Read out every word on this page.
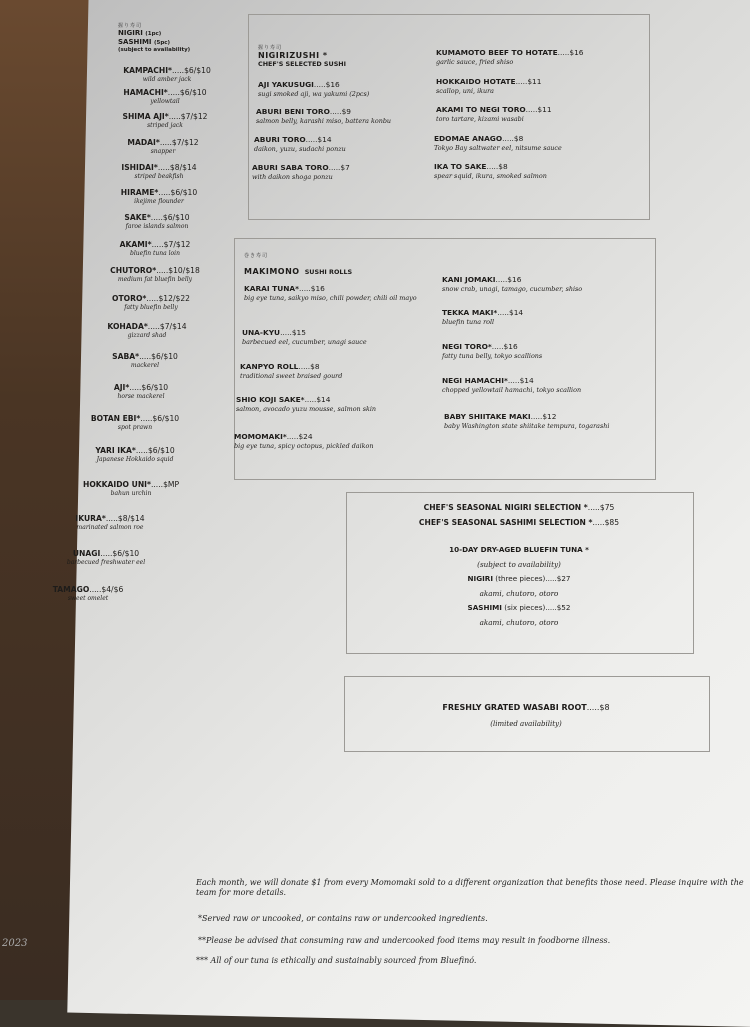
握り寿司
NIGIRI (1pc)
SASHIMI (5pc)
(subject to availability)
KAMPACHI*.....$6/$10
wild amber jack
HAMACHI*.....$6/$10
yellowtail
SHIMA AJI*.....$7/$12
striped jack
MADAI*.....$7/$12
snapper
ISHIDAI*.....$8/$14
striped beakfish
HIRAME*.....$6/$10
ikejime flounder
SAKE*.....$6/$10
faroe islands salmon
AKAMI*.....$7/$12
bluefin tuna loin
CHUTORO*.....$10/$18
medium fat bluefin belly
OTORO*.....$12/$22
fatty bluefin belly
KOHADA*.....$7/$14
gizzard shad
SABA*.....$6/$10
mackerel
AJI*.....$6/$10
horse mackerel
BOTAN EBI*.....$6/$10
spot prawn
YARI IKA*.....$6/$10
Japanese Hokkaido squid
HOKKAIDO UNI*.....$MP
bahun urchin
IKURA*.....$8/$14
marinated salmon roe
UNAGI.....$6/$10
barbecued freshwater eel
TAMAGO.....$4/$6
sweet omelet
握り寿司
NIGIRIZUSHI *
CHEF'S SELECTED SUSHI
AJI YAKUSUGI.....$16
sugi smoked aji, wa yakumi (2pcs)
ABURI BENI TORO.....$9
salmon belly, karashi miso, battera konbu
ABURI TORO.....$14
daikon, yuzu, sudachi ponzu
ABURI SABA TORO.....$7
with daikon shoga ponzu
KUMAMOTO BEEF TO HOTATE.....$16
garlic sauce, fried shiso
HOKKAIDO HOTATE.....$11
scallop, uni, ikura
AKAMI TO NEGI TORO.....$11
toro tartare, kizami wasabi
EDOMAE ANAGO.....$8
Tokyo Bay saltwater eel, nitsume sauce
IKA TO SAKE.....$8
spear squid, ikura, smoked salmon
巻き寿司
MAKIMONO SUSHI ROLLS
KARAI TUNA*.....$16
big eye tuna, saikyo miso, chili powder, chili oil mayo
UNA-KYU.....$15
barbecued eel, cucumber, unagi sauce
KANPYO ROLL.....$8
traditional sweet braised gourd
SHIO KOJI SAKE*.....$14
salmon, avocado yuzu mousse, salmon skin
MOMOMAKI*.....$24
big eye tuna, spicy octopus, pickled daikon
KANI JOMAKI.....$16
snow crab, unagi, tamago, cucumber, shiso
TEKKA MAKI*.....$14
bluefin tuna roll
NEGI TORO*.....$16
fatty tuna belly, tokyo scallions
NEGI HAMACHI*.....$14
chopped yellowtail hamachi, tokyo scallion
BABY SHIITAKE MAKI.....$12
baby Washington state shiitake tempura, togarashi
CHEF'S SEASONAL NIGIRI SELECTION *.....$75
CHEF'S SEASONAL SASHIMI SELECTION *.....$85
10-DAY DRY-AGED BLUEFIN TUNA *
(subject to availability)
NIGIRI (three pieces).....$27
akami, chutoro, otoro
SASHIMI (six pieces).....$52
akami, chutoro, otoro
FRESHLY GRATED WASABI ROOT.....$8
(limited availability)
Each month, we will donate $1 from every Momomaki sold to a different organization that benefits those need. Please inquire with the team for more details.
*Served raw or uncooked, or contains raw or undercooked ingredients.
**Please be advised that consuming raw and undercooked food items may result in foodborne illness.
*** All of our tuna is ethically and sustainably sourced from Bluefinó.
2023
